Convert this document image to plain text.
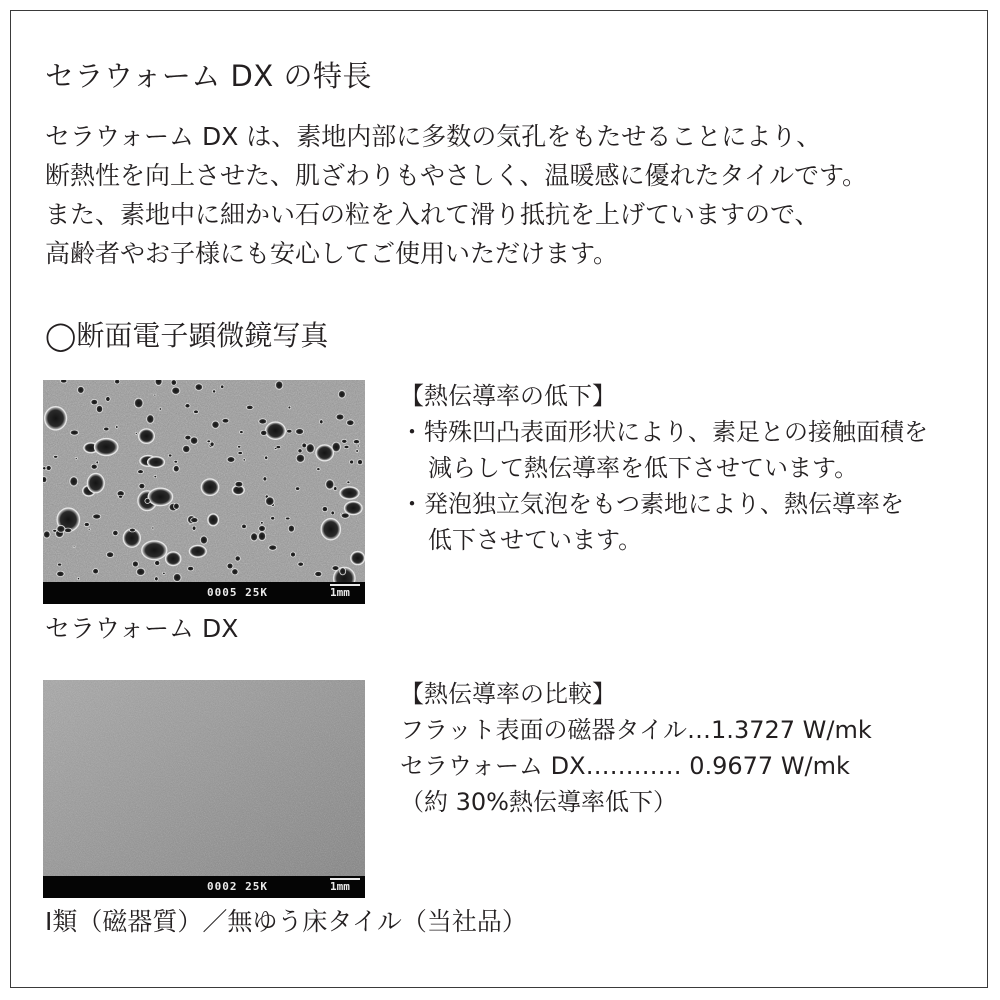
セラウォーム DX の特長
セラウォーム DX は、素地内部に多数の気孔をもたせることにより、
断熱性を向上させた、肌ざわりもやさしく、温暖感に優れたタイルです。
また、素地中に細かい石の粒を入れて滑り抵抗を上げていますので、
高齢者やお子様にも安心してご使用いただけます。
◯断面電子顕微鏡写真
0005 25K	1mm
セラウォーム DX
0002 25K	1mm
Ⅰ類（磁器質）／無ゆう床タイル（当社品）
【熱伝導率の低下】
・特殊凹凸表面形状により、素足との接触面積を
減らして熱伝導率を低下させています。
・発泡独立気泡をもつ素地により、熱伝導率を
低下させています。
【熱伝導率の比較】
フラット表面の磁器タイル…1.3727 W/mk
セラウォーム DX………… 0.9677 W/mk
（約 30%熱伝導率低下）
